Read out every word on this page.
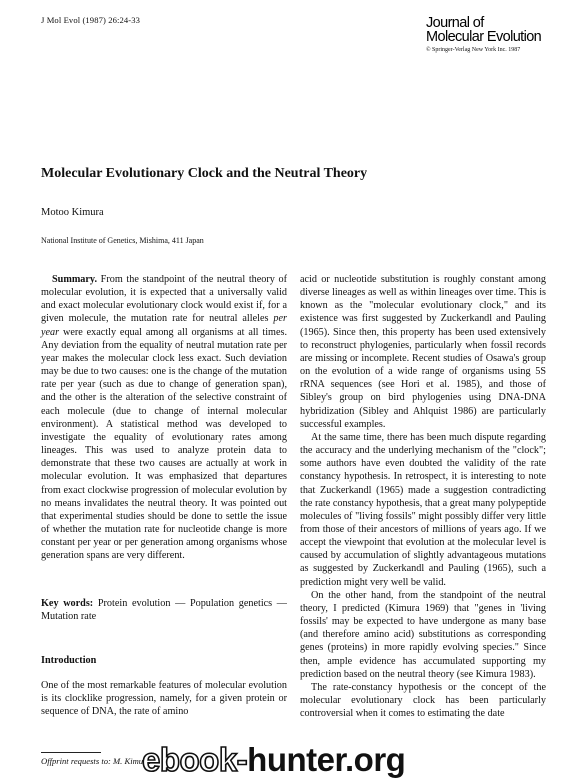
J Mol Evol (1987) 26:24-33	Journal of
Molecular Evolution
© Springer-Verlag New York Inc. 1987
Molecular Evolutionary Clock and the Neutral Theory
Motoo Kimura
National Institute of Genetics, Mishima, 411 Japan

Summary. From the standpoint of the neutral theory of molecular evolution, it is expected that a universally valid and exact molecular evolutionary clock would exist if, for a given molecule, the mutation rate for neutral alleles per year were exactly equal among all organisms at all times. Any deviation from the equality of neutral mutation rate per year makes the molecular clock less exact. Such deviation may be due to two causes: one is the change of the mutation rate per year (such as due to change of generation span), and the other is the alteration of the selective constraint of each molecule (due to change of internal molecular environment). A statistical method was developed to investigate the equality of evolutionary rates among lineages. This was used to analyze protein data to demonstrate that these two causes are actually at work in molecular evolution. It was emphasized that departures from exact clockwise progression of molecular evolution by no means invalidates the neutral theory. It was pointed out that experimental studies should be done to settle the issue of whether the mutation rate for nucleotide change is more constant per year or per generation among organisms whose generation spans are very different.

Key words: Protein evolution — Population genetics — Mutation rate
Introduction
One of the most remarkable features of molecular evolution is its clocklike progression, namely, for a given protein or sequence of DNA, the rate of amino

acid or nucleotide substitution is roughly constant among diverse lineages as well as within lineages over time. This is known as the "molecular evolutionary clock," and its existence was first suggested by Zuckerkandl and Pauling (1965). Since then, this property has been used extensively to reconstruct phylogenies, particularly when fossil records are missing or incomplete. Recent studies of Osawa's group on the evolution of a wide range of organisms using 5S rRNA sequences (see Hori et al. 1985), and those of Sibley's group on bird phylogenies using DNA-DNA hybridization (Sibley and Ahlquist 1986) are particularly successful examples.

At the same time, there has been much dispute regarding the accuracy and the underlying mechanism of the "clock"; some authors have even doubted the validity of the rate constancy hypothesis. In retrospect, it is interesting to note that Zuckerkandl (1965) made a suggestion contradicting the rate constancy hypothesis, that a great many polypeptide molecules of "living fossils" might possibly differ very little from those of their ancestors of millions of years ago. If we accept the viewpoint that evolution at the molecular level is caused by accumulation of slightly advantageous mutations as suggested by Zuckerkandl and Pauling (1965), such a prediction might very well be valid.

On the other hand, from the standpoint of the neutral theory, I predicted (Kimura 1969) that "genes in 'living fossils' may be expected to have undergone as many base (and therefore amino acid) substitutions as corresponding genes (proteins) in more rapidly evolving species." Since then, ample evidence has accumulated supporting my prediction based on the neutral theory (see Kimura 1983).

The rate-constancy hypothesis or the concept of the molecular evolutionary clock has been particularly controversial when it comes to estimating the date

Offprint requests to: M. Kimura
ebook- hunter.org
